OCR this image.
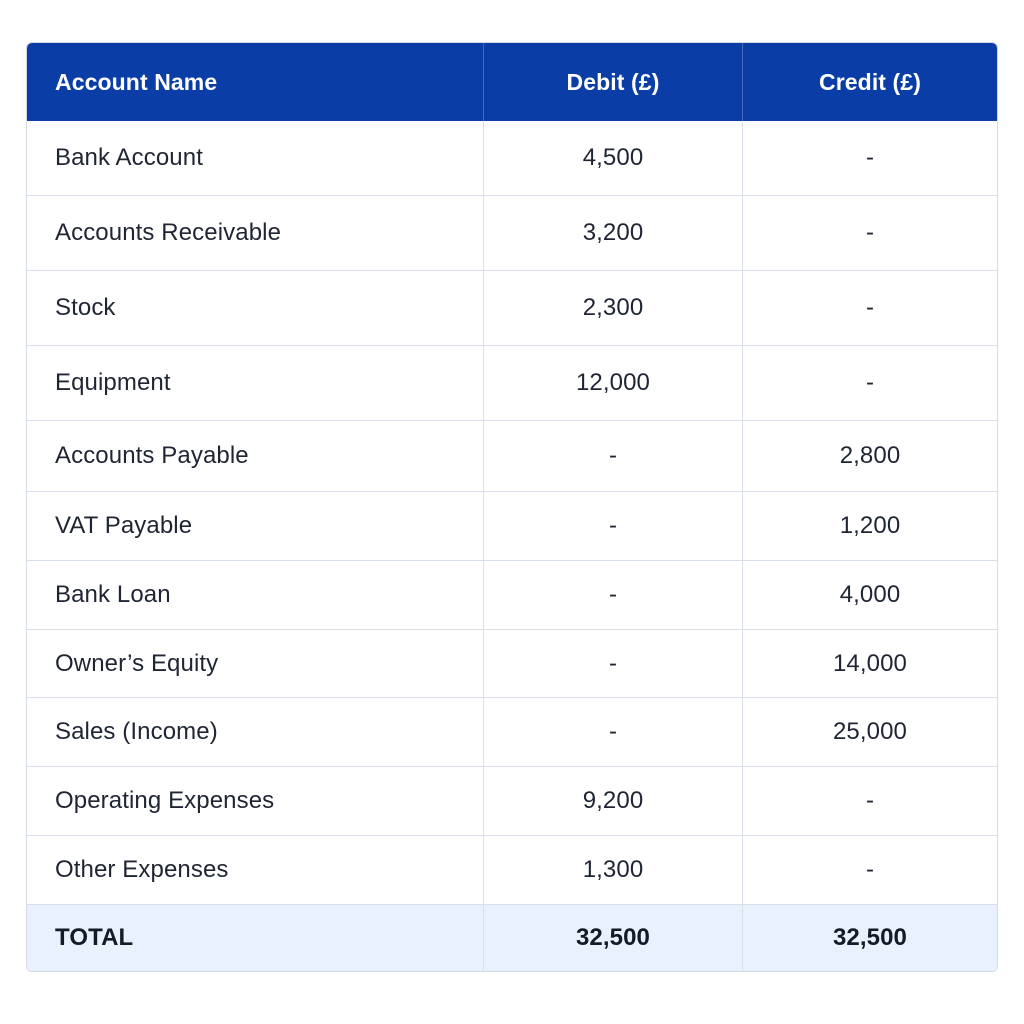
Account Name	Debit (£)	Credit (£)
Bank Account	4,500	-
Accounts Receivable	3,200	-
Stock	2,300	-
Equipment	12,000	-
Accounts Payable	-	2,800
VAT Payable	-	1,200
Bank Loan	-	4,000
Owner’s Equity	-	14,000
Sales (Income)	-	25,000
Operating Expenses	9,200	-
Other Expenses	1,300	-
TOTAL	32,500	32,500
